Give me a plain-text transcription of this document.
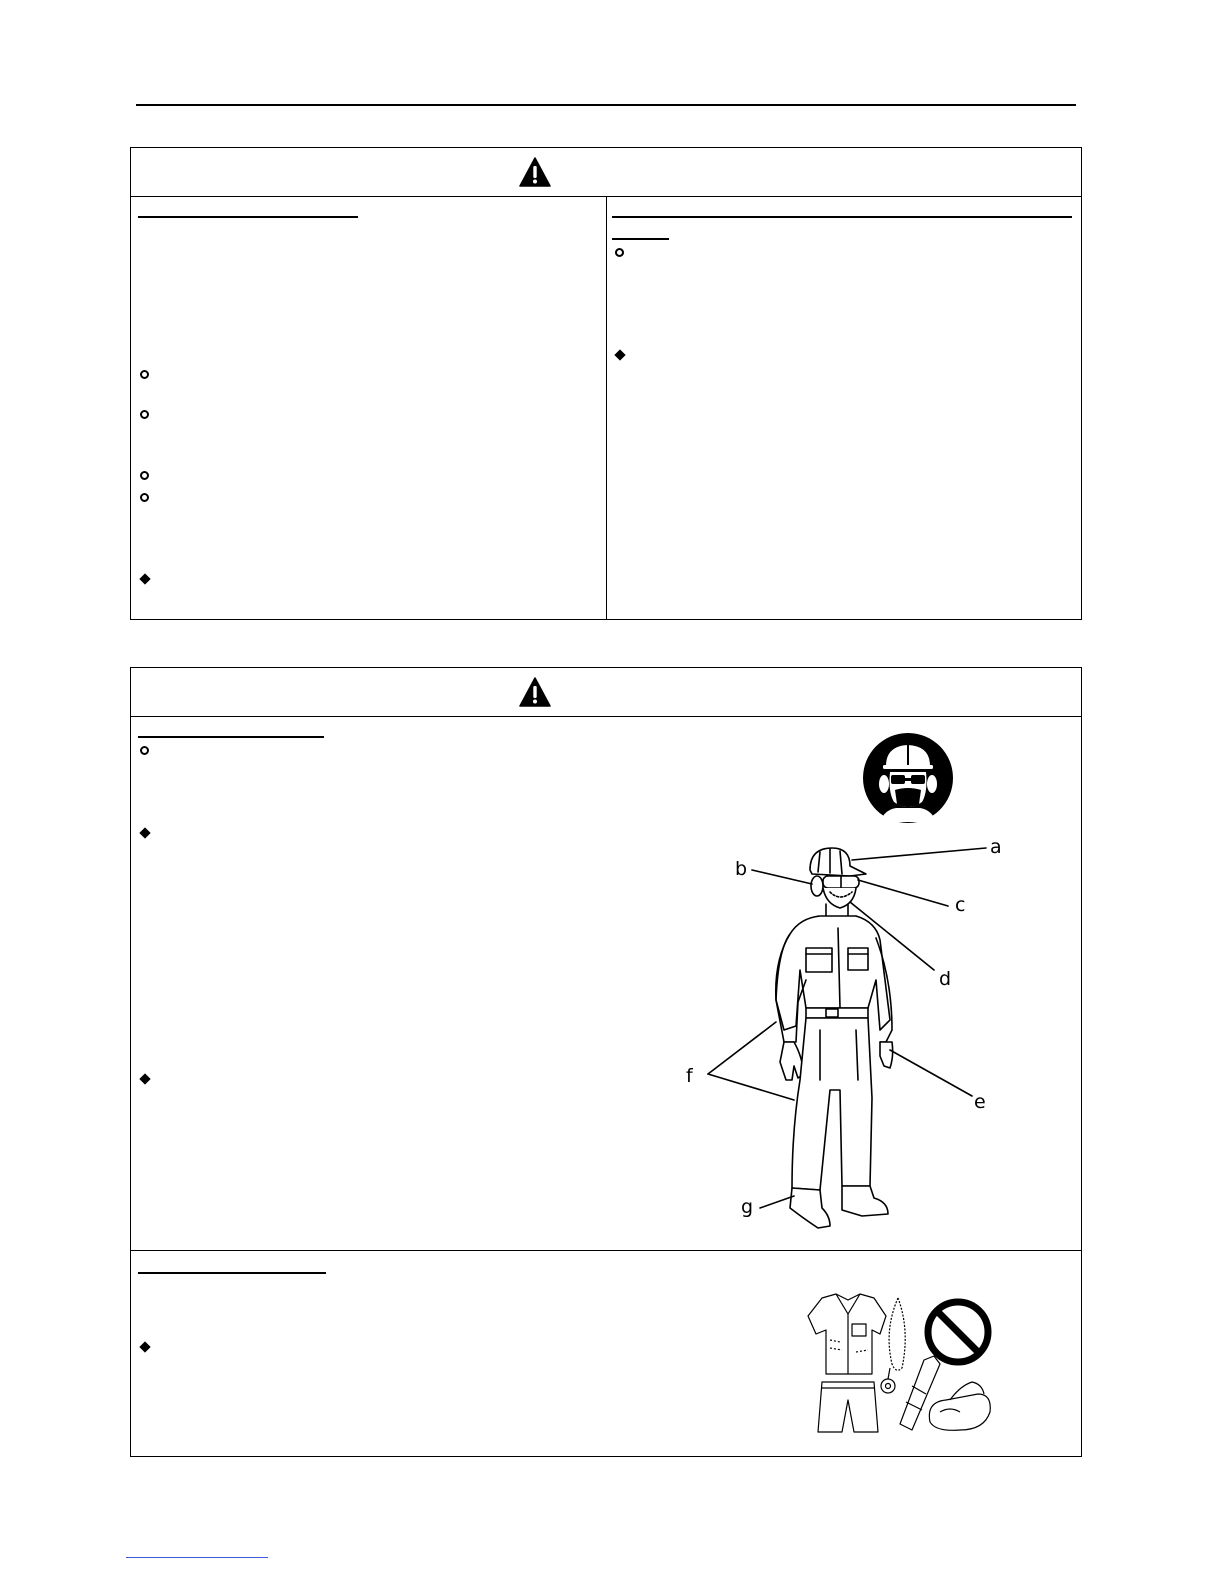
a
b
c
d
e
f
g
